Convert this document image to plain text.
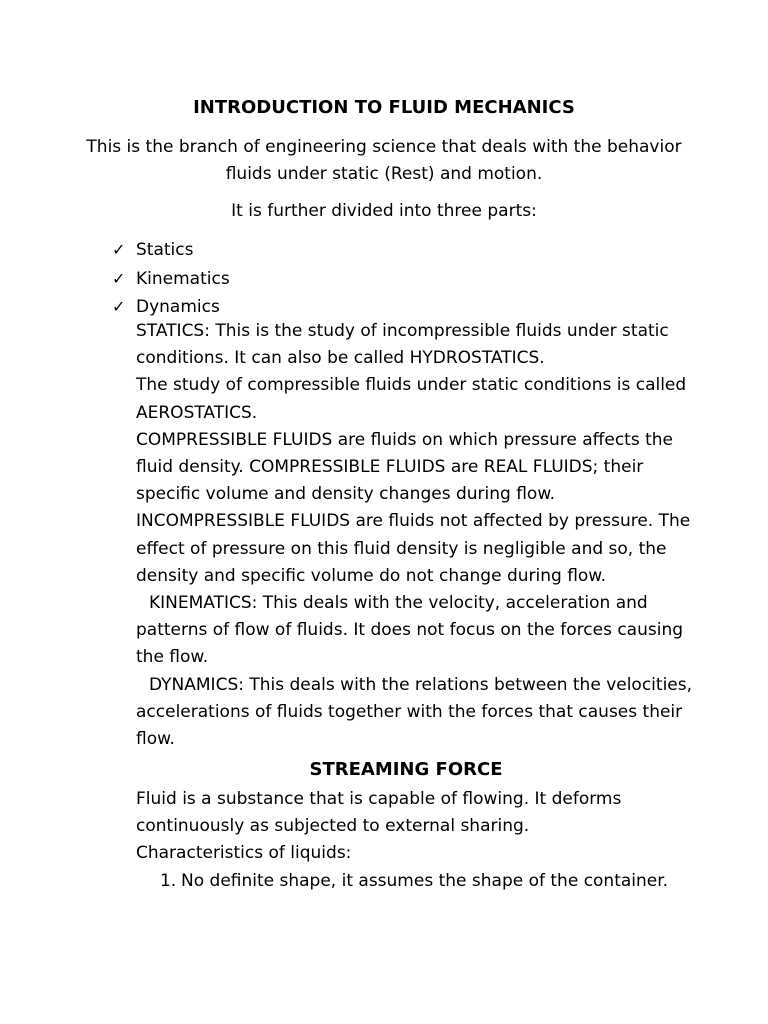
INTRODUCTION TO FLUID MECHANICS
This is the branch of engineering science that deals with the behavior
fluids under static (Rest) and motion.
It is further divided into three parts:
✓ Statics
✓ Kinematics
✓ Dynamics

STATICS: This is the study of incompressible fluids under static

conditions. It can also be called HYDROSTATICS.

The study of compressible fluids under static conditions is called

AEROSTATICS.

COMPRESSIBLE FLUIDS are fluids on which pressure affects the

fluid density. COMPRESSIBLE FLUIDS are REAL FLUIDS; their

specific volume and density changes during flow.

INCOMPRESSIBLE FLUIDS are fluids not affected by pressure. The

effect of pressure on this fluid density is negligible and so, the

density and specific volume do not change during flow.

KINEMATICS: This deals with the velocity, acceleration and

patterns of flow of fluids. It does not focus on the forces causing

the flow.

DYNAMICS: This deals with the relations between the velocities,

accelerations of fluids together with the forces that causes their

flow.

STREAMING FORCE

Fluid is a substance that is capable of flowing. It deforms

continuously as subjected to external sharing.

Characteristics of liquids:

1. No definite shape, it assumes the shape of the container.
